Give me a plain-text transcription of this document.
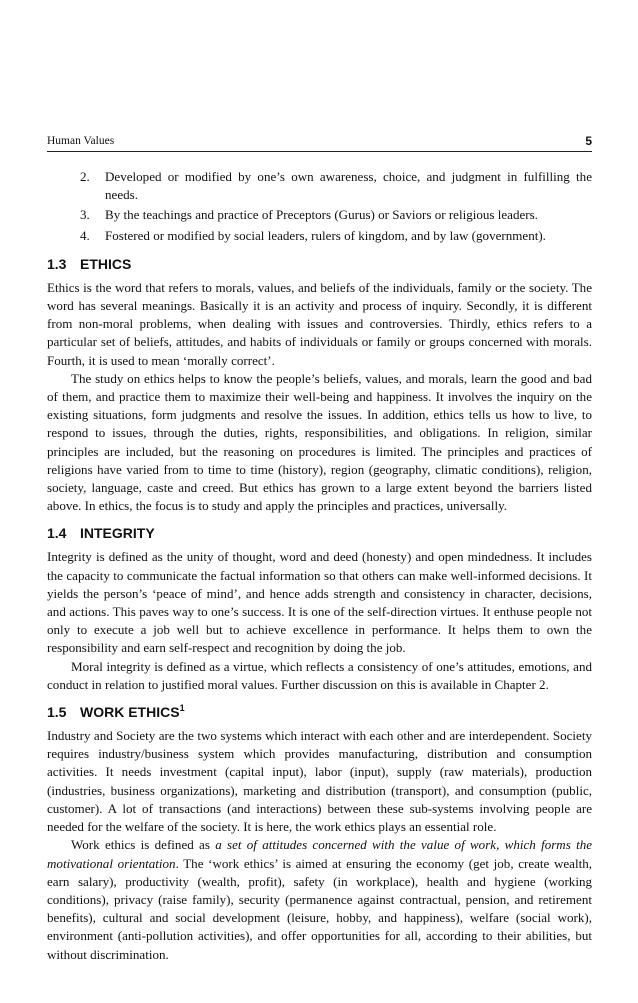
Human Values	5
2. Developed or modified by one’s own awareness, choice, and judgment in fulfilling the needs.
3. By the teachings and practice of Preceptors (Gurus) or Saviors or religious leaders.
4. Fostered or modified by social leaders, rulers of kingdom, and by law (government).
1.3 ETHICS

Ethics is the word that refers to morals, values, and beliefs of the individuals, family or the society. The word has several meanings. Basically it is an activity and process of inquiry. Secondly, it is different from non-moral problems, when dealing with issues and controversies. Thirdly, ethics refers to a particular set of beliefs, attitudes, and habits of individuals or family or groups concerned with morals. Fourth, it is used to mean ‘morally correct’.

The study on ethics helps to know the people’s beliefs, values, and morals, learn the good and bad of them, and practice them to maximize their well-being and happiness. It involves the inquiry on the existing situations, form judgments and resolve the issues. In addition, ethics tells us how to live, to respond to issues, through the duties, rights, responsibilities, and obligations. In religion, similar principles are included, but the reasoning on procedures is limited. The principles and practices of religions have varied from to time to time (history), region (geography, climatic conditions), religion, society, language, caste and creed. But ethics has grown to a large extent beyond the barriers listed above. In ethics, the focus is to study and apply the principles and practices, universally.

1.4 INTEGRITY

Integrity is defined as the unity of thought, word and deed (honesty) and open mindedness. It includes the capacity to communicate the factual information so that others can make well-informed decisions. It yields the person’s ‘peace of mind’, and hence adds strength and consistency in character, decisions, and actions. This paves way to one’s success. It is one of the self-direction virtues. It enthuse people not only to execute a job well but to achieve excellence in performance. It helps them to own the responsibility and earn self-respect and recognition by doing the job.

Moral integrity is defined as a virtue, which reflects a consistency of one’s attitudes, emotions, and conduct in relation to justified moral values. Further discussion on this is available in Chapter 2.

1.5 WORK ETHICS$^1$

Industry and Society are the two systems which interact with each other and are interdependent. Society requires industry/business system which provides manufacturing, distribution and consumption activities. It needs investment (capital input), labor (input), supply (raw materials), production (industries, business organizations), marketing and distribution (transport), and consumption (public, customer). A lot of transactions (and interactions) between these sub-systems involving people are needed for the welfare of the society. It is here, the work ethics plays an essential role.

Work ethics is defined as a set of attitudes concerned with the value of work, which forms the motivational orientation. The ‘work ethics’ is aimed at ensuring the economy (get job, create wealth, earn salary), productivity (wealth, profit), safety (in workplace), health and hygiene (working conditions), privacy (raise family), security (permanence against contractual, pension, and retirement benefits), cultural and social development (leisure, hobby, and happiness), welfare (social work), environment (anti-pollution activities), and offer opportunities for all, according to their abilities, but without discrimination.
